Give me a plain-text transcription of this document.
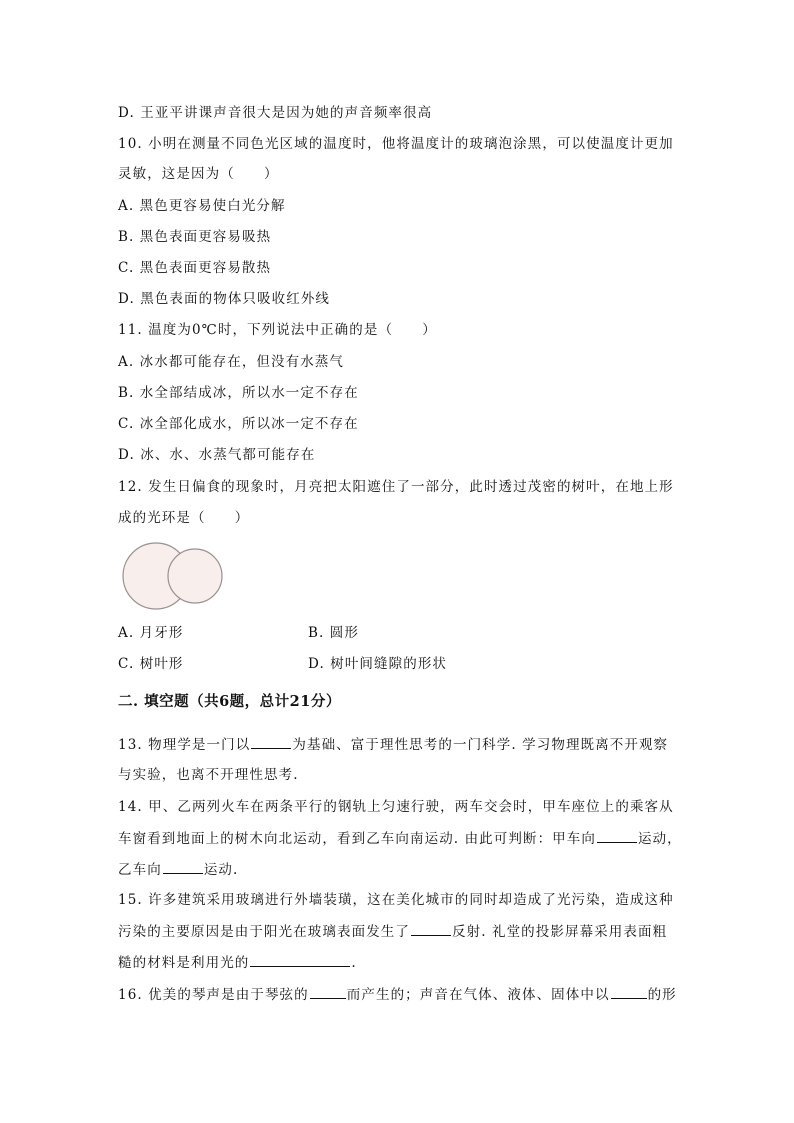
D. 王亚平讲课声音很大是因为她的声音频率很高
10. 小明在测量不同色光区域的温度时，他将温度计的玻璃泡涂黑，可以使温度计更加
灵敏，这是因为（　　）
A. 黑色更容易使白光分解
B. 黑色表面更容易吸热
C. 黑色表面更容易散热
D. 黑色表面的物体只吸收红外线
11. 温度为0℃时，下列说法中正确的是（　　）
A. 冰水都可能存在，但没有水蒸气
B. 水全部结成冰，所以水一定不存在
C. 冰全部化成水，所以冰一定不存在
D. 冰、水、水蒸气都可能存在
12. 发生日偏食的现象时，月亮把太阳遮住了一部分，此时透过茂密的树叶，在地上形
成的光环是（　　）
A. 月牙形	B. 圆形
C. 树叶形	D. 树叶间缝隙的形状
二. 填空题（共6题，总计21分）
13. 物理学是一门以	为基础、富于理性思考的一门科学. 学习物理既离不开观察
与实验，也离不开理性思考.
14. 甲、乙两列火车在两条平行的钢轨上匀速行驶，两车交会时，甲车座位上的乘客从
车窗看到地面上的树木向北运动，看到乙车向南运动. 由此可判断：甲车向	运动，
乙车向	运动.
15. 许多建筑采用玻璃进行外墙装璜，这在美化城市的同时却造成了光污染，造成这种
污染的主要原因是由于阳光在玻璃表面发生了	反射. 礼堂的投影屏幕采用表面粗
糙的材料是利用光的	.
16. 优美的琴声是由于琴弦的	而产生的；声音在气体、液体、固体中以	的形
